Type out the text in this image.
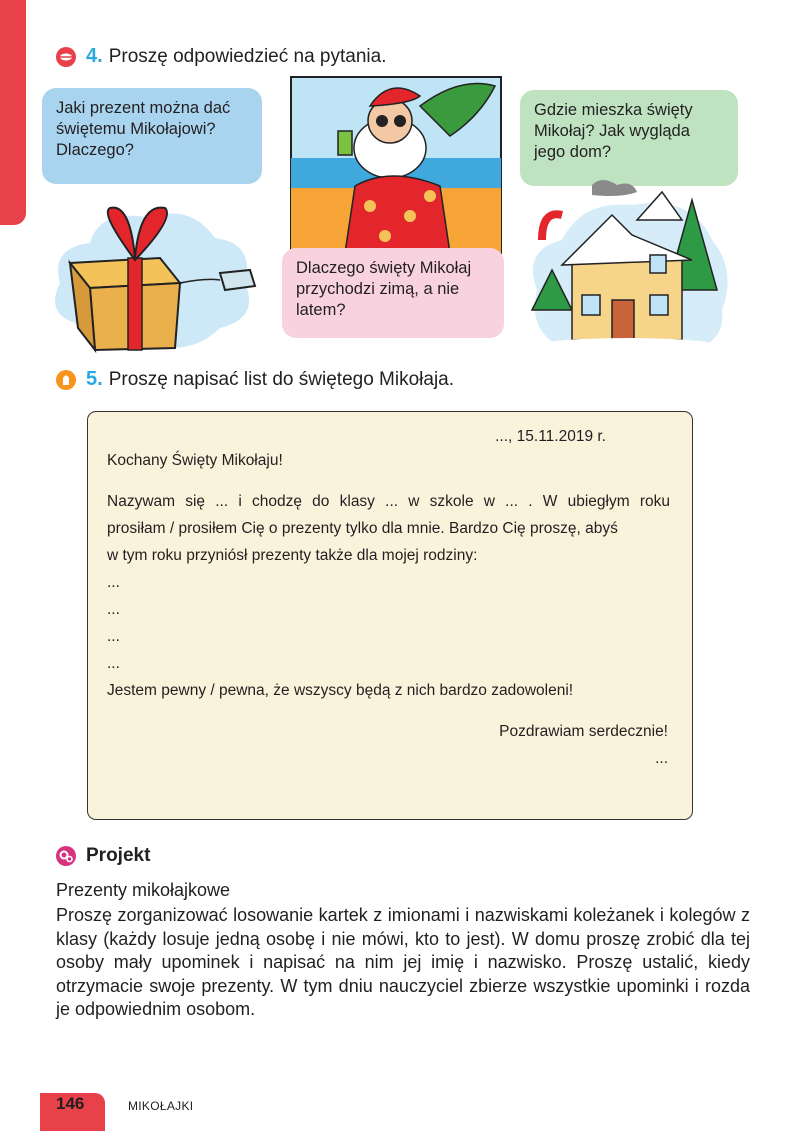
4. Proszę odpowiedzieć na pytania.
Jaki prezent można dać
świętemu Mikołajowi?
Dlaczego?
Gdzie mieszka święty
Mikołaj? Jak wygląda
jego dom?
Dlaczego święty Mikołaj
przychodzi zimą, a nie
latem?
5. Proszę napisać list do świętego Mikołaja.
..., 15.11.2019 r.
Kochany Święty Mikołaju!
Nazywam się ... i chodzę do klasy ... w szkole w ... . W ubiegłym roku
prosiłam / prosiłem Cię o prezenty tylko dla mnie. Bardzo Cię proszę, abyś
w tym roku przyniósł prezenty także dla mojej rodziny:
...
...
...
...
Jestem pewny / pewna, że wszyscy będą z nich bardzo zadowoleni!
Pozdrawiam serdecznie!
...
Projekt
Prezenty mikołajkowe
Proszę zorganizować losowanie kartek z imionami i nazwiskami koleżanek i kolegów z klasy (każdy losuje jedną osobę i nie mówi, kto to jest). W domu proszę zrobić dla tej osoby mały upominek i napisać na nim jej imię i nazwisko. Proszę ustalić, kiedy otrzymacie swoje prezenty. W tym dniu nauczyciel zbierze wszystkie upominki i rozda je odpowiednim osobom.
146	MIKOŁAJKI
